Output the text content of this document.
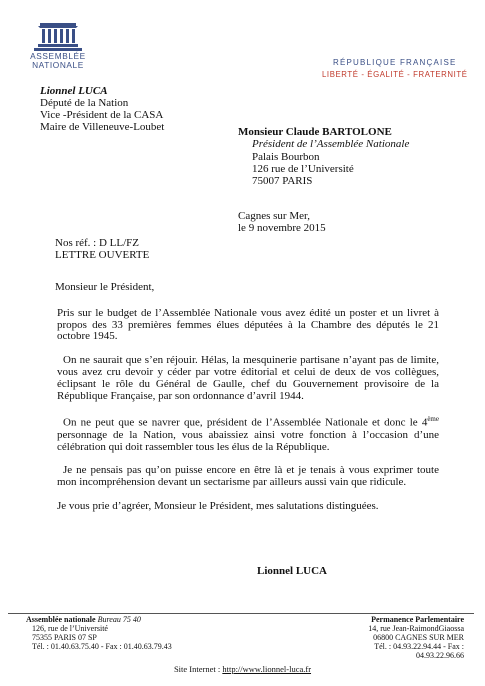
ASSEMBLÉE
NATIONALE	RÉPUBLIQUE FRANÇAISE
LIBERTÉ - ÉGALITÉ - FRATERNITÉ
Lionnel LUCA
Député de la Nation
Vice -Président de la CASA
Maire de Villeneuve-Loubet	Monsieur Claude BARTOLONE
Président de l’Assemblée Nationale
Palais Bourbon
126 rue de l’Université
75007 PARIS
Cagnes sur Mer,
le 9 novembre 2015
Nos réf. : D LL/FZ
LETTRE OUVERTE

Monsieur le Président,

Pris sur le budget de l’Assemblée Nationale vous avez édité un poster et un livret à propos des 33 premières femmes élues députées à la Chambre des députés le 21 octobre 1945.

On ne saurait que s’en réjouir. Hélas, la mesquinerie partisane n’ayant pas de limite, vous avez cru devoir y céder par votre éditorial et celui de deux de vos collègues, éclipsant le rôle du Général de Gaulle, chef du Gouvernement provisoire de la République Française, par son ordonnance d’avril 1944.

On ne peut que se navrer que, président de l’Assemblée Nationale et donc le 4ème personnage de la Nation, vous abaissiez ainsi votre fonction à l’occasion d’une célébration qui doit rassembler tous les élus de la République.

Je ne pensais pas qu’on puisse encore en être là et je tenais à vous exprimer toute mon incompréhension devant un sectarisme par ailleurs aussi vain que ridicule.

Je vous prie d’agréer, Monsieur le Président, mes salutations distinguées.

Lionnel LUCA
Assemblée nationale Bureau 75 40
126, rue de l’Université
75355 PARIS 07 SP
Tél. : 01.40.63.75.40 - Fax : 01.40.63.79.43
Permanence Parlementaire
14, rue Jean-RaimondGiaossa
06800 CAGNES SUR MER
Tél. : 04.93.22.94.44 - Fax : 04.93.22.96.66
Site Internet : http://www.lionnel-luca.fr
